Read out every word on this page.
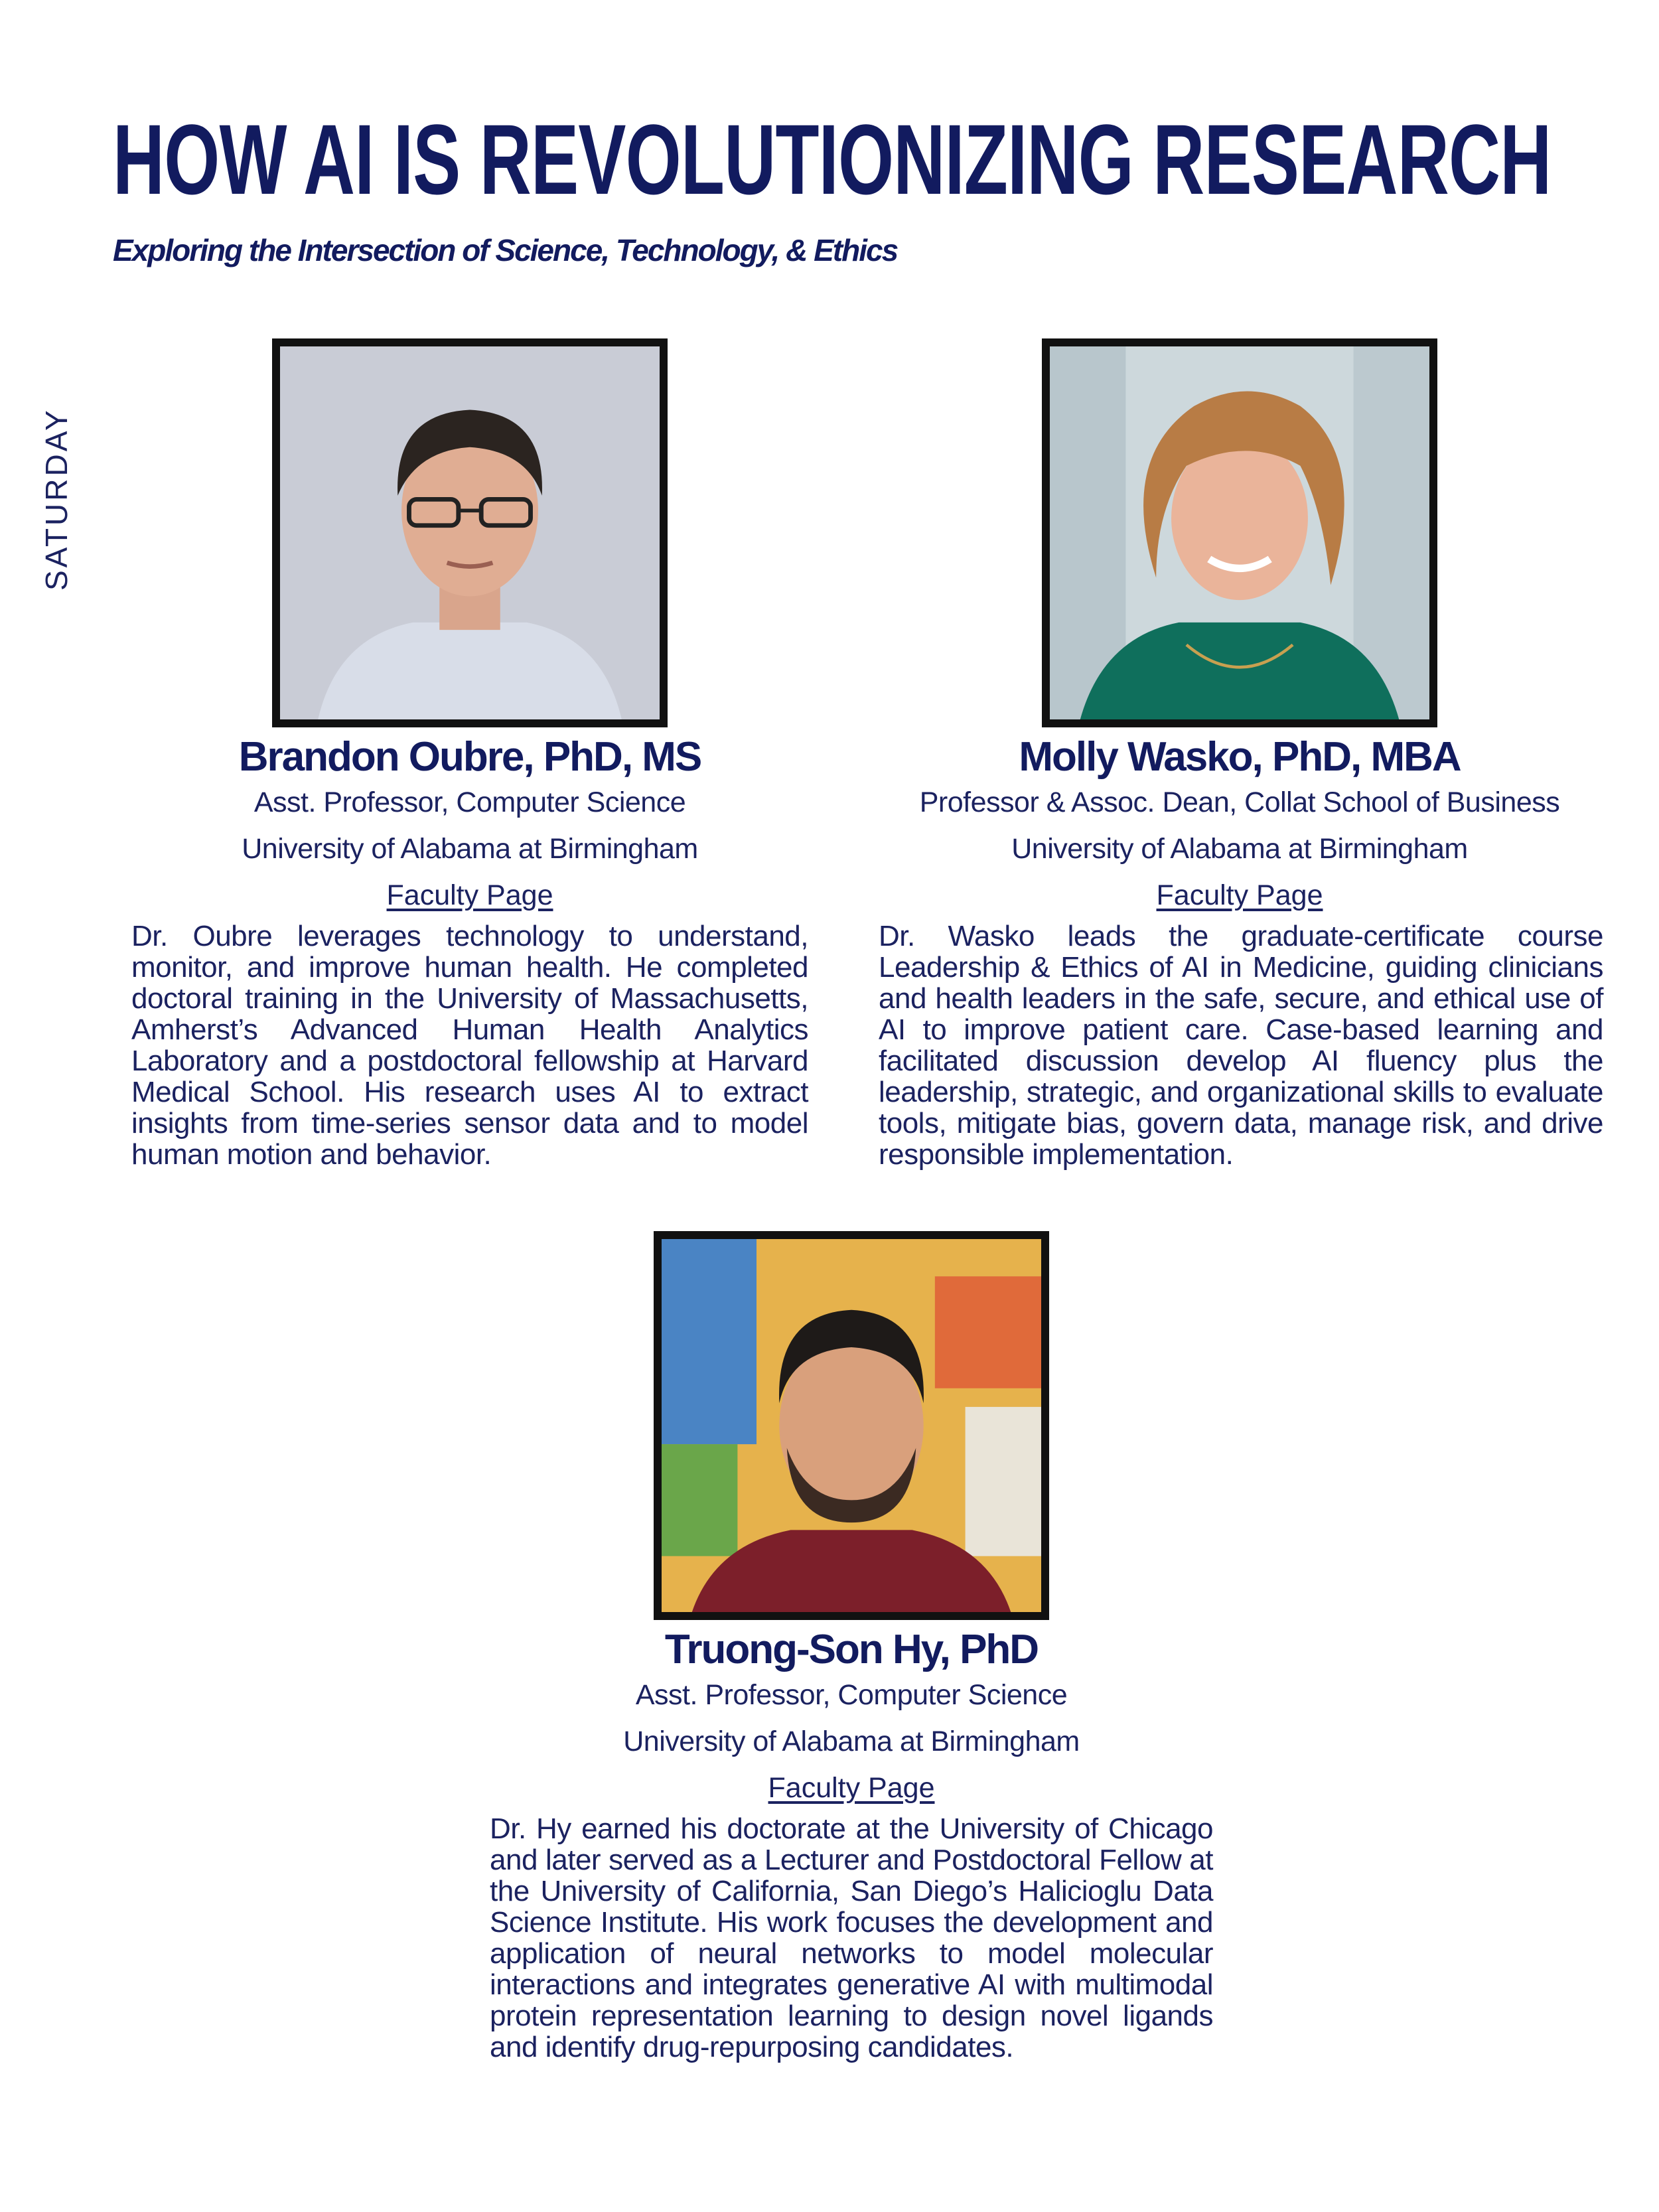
HOW AI IS REVOLUTIONIZING RESEARCH
Exploring the Intersection of Science, Technology, & Ethics
SATURDAY
Brandon Oubre, PhD, MS
Asst. Professor, Computer Science
University of Alabama at Birmingham
Faculty Page
Dr. Oubre leverages technology to understand, monitor, and improve human health. He completed doctoral training in the University of Massachusetts, Amherst’s Advanced Human Health Analytics Laboratory and a postdoctoral fellowship at Harvard Medical School. His research uses AI to extract insights from time-series sensor data and to model human motion and behavior.
Molly Wasko, PhD, MBA
Professor & Assoc. Dean, Collat School of Business
University of Alabama at Birmingham
Faculty Page
Dr. Wasko leads the graduate-certificate course Leadership & Ethics of AI in Medicine, guiding clinicians and health leaders in the safe, secure, and ethical use of AI to improve patient care. Case-based learning and facilitated discussion develop AI fluency plus the leadership, strategic, and organizational skills to evaluate tools, mitigate bias, govern data, manage risk, and drive responsible implementation.
Truong-Son Hy, PhD
Asst. Professor, Computer Science
University of Alabama at Birmingham
Faculty Page
Dr. Hy earned his doctorate at the University of Chicago and later served as a Lecturer and Postdoctoral Fellow at the University of California, San Diego’s Halicioglu Data Science Institute. His work focuses the development and application of neural networks to model molecular interactions and integrates generative AI with multimodal protein representation learning to design novel ligands and identify drug-repurposing candidates.
